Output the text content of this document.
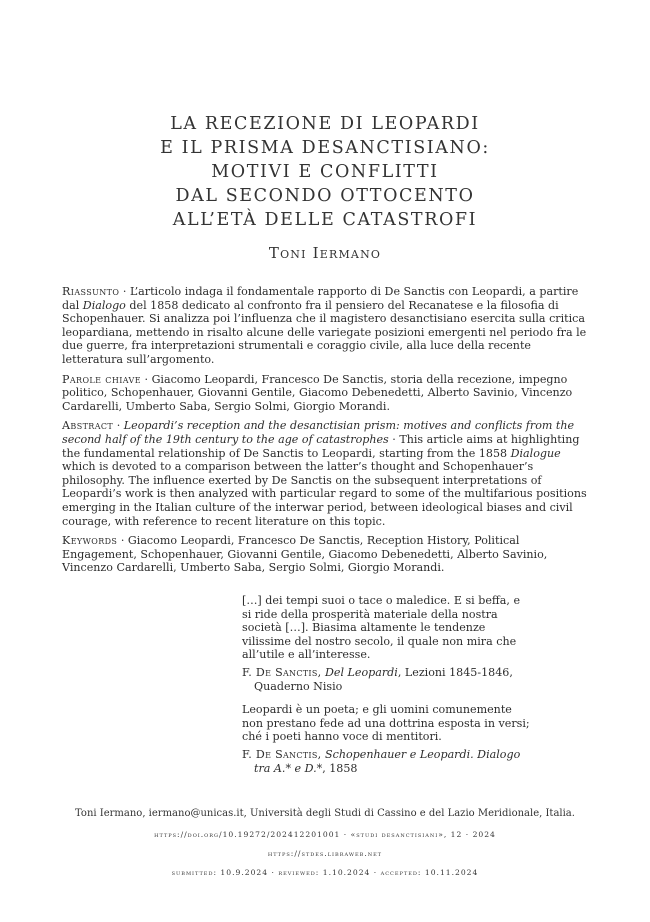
LA RECEZIONE DI LEOPARDI
E IL PRISMA DESANCTISIANO:
MOTIVI E CONFLITTI
DAL SECONDO OTTOCENTO
ALL’ETÀ DELLE CATASTROFI

Toni Iermano

Riassunto · L’articolo indaga il fondamentale rapporto di De Sanctis con Leopardi, a partire dal Dialogo del 1858 dedicato al confronto fra il pensiero del Recanatese e la filosofia di Schopenhauer. Si analizza poi l’influenza che il magistero desanctisiano esercita sulla critica leopardiana, mettendo in risalto alcune delle variegate posizioni emergenti nel periodo fra le due guerre, fra interpretazioni strumentali e coraggio civile, alla luce della recente letteratura sull’argomento.

Parole chiave · Giacomo Leopardi, Francesco De Sanctis, storia della recezione, impegno politico, Schopenhauer, Giovanni Gentile, Giacomo Debenedetti, Alberto Savinio, Vincenzo Cardarelli, Umberto Saba, Sergio Solmi, Giorgio Morandi.

Abstract · Leopardi’s reception and the desanctisian prism: motives and conflicts from the second half of the 19th century to the age of catastrophes · This article aims at highlighting the fundamental relationship of De Sanctis to Leopardi, starting from the 1858 Dialogue which is devoted to a comparison between the latter’s thought and Schopenhauer’s philosophy. The influence exerted by De Sanctis on the subsequent interpretations of Leopardi’s work is then analyzed with particular regard to some of the multifarious positions emerging in the Italian culture of the interwar period, between ideological biases and civil courage, with reference to recent literature on this topic.

Keywords · Giacomo Leopardi, Francesco De Sanctis, Reception History, Political Engagement, Schopenhauer, Giovanni Gentile, Giacomo Debenedetti, Alberto Savinio, Vincenzo Cardarelli, Umberto Saba, Sergio Solmi, Giorgio Morandi.

[…] dei tempi suoi o tace o maledice. E si beffa, e si ride della prosperità materiale della nostra società […]. Biasima altamente le tendenze vilissime del nostro secolo, il quale non mira che all’utile e all’interesse.

F. De Sanctis, Del Leopardi, Lezioni 1845-1846, Quaderno Nisio

Leopardi è un poeta; e gli uomini comunemente non prestano fede ad una dottrina esposta in versi; ché i poeti hanno voce di mentitori.

F. De Sanctis, Schopenhauer e Leopardi. Dialogo tra A.* e D.*, 1858

Toni Iermano, iermano@unicas.it, Università degli Studi di Cassino e del Lazio Meridionale, Italia.

https://doi.org/10.19272/202412201001 · «studi desanctisiani», 12 · 2024

https://stdes.libraweb.net

submitted: 10.9.2024 · reviewed: 1.10.2024 · accepted: 10.11.2024
